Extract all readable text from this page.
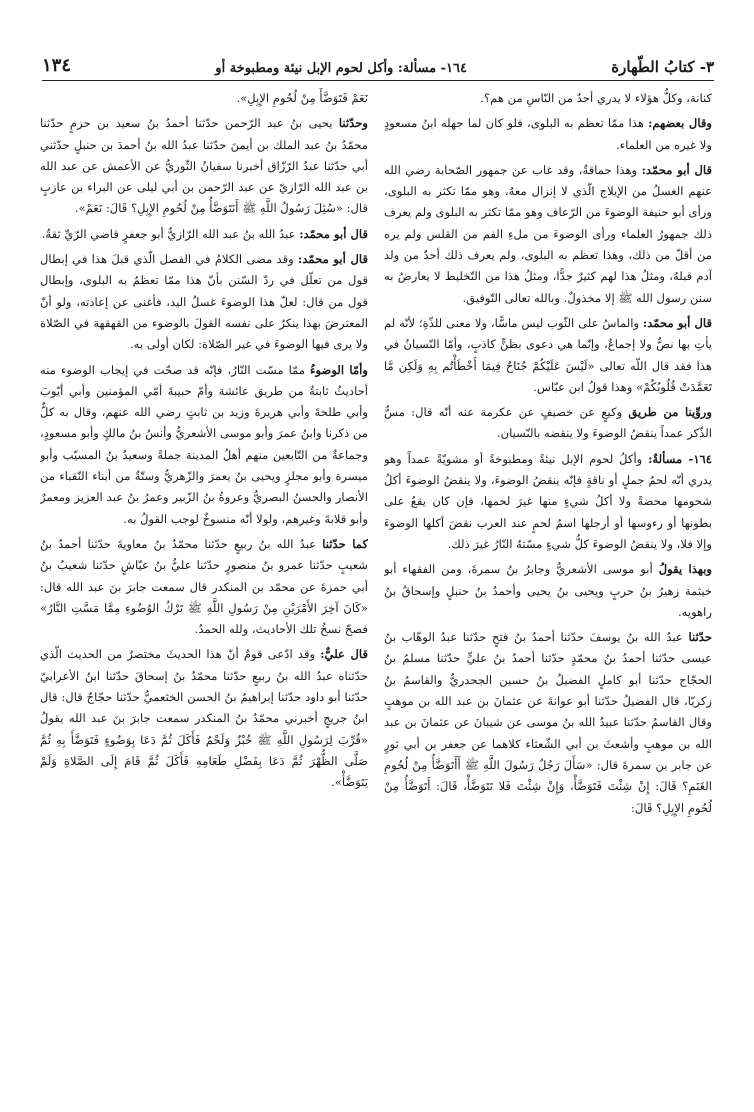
٣- كتابُ الطّهارة
١٦٤- مسألة: وأكل لحوم الإبل نيئة ومطبوخة أو
١٣٤

كنانة، وكلُّ هؤلاء لا يدري أحدٌ من النّاسِ من هم؟.

وقال بعضهم: هذا ممّا تعظم به البلوى، فلو كان لما جهله ابنُ مسعودٍ ولا غيره من العلماء.

قال أبو محمّد: وهذا حماقةٌ، وقد غاب عن جمهور الصّحابة رضي الله عنهم الغسلُ من الإيلاج الّذي لا إنزال معهُ، وهو ممّا تكثر به البلوى، ورأى أبو حنيفة الوضوءَ من الرّعاف وهو ممّا تكثر به البلوى ولم يعرف ذلك جمهورُ العلماء ورأى الوضوءَ من ملءِ الفم من القلس ولم يره من أقلّ من ذلك، وهذا تعظم به البلوى، ولم يعرف ذلك أحدٌ من ولد آدم قبلهُ، ومثلُ هذا لهم كثيرٌ جدًّا، ومثلُ هذا من التّخليط لا يعارضُ به سنن رسول الله ﷺ إلا مخذولٌ. وبالله تعالى التّوفيق.

قال أبو محمّد: والماسُ على الثّوب ليس ماسًّا، ولا معنى للذّةِ؛ لأنّه لم يأتِ بها نصٌّ ولا إجماعٌ، وإنّما هي دعوى بظنٍّ كاذبٍ، وأمّا النّسيانُ في هذا فقد قال اللّه تعالى «لَيْسَ عَلَيْكُمْ جُنَاحٌ فِيمَا أَخْطَأْتُم بِهِ وَلَكِن مَّا تَعَمَّدَتْ قُلُوبُكُمْ» وهذا قولُ ابن عبّاس.

وروِّينا من طريق وكيعٍ عن خصيفٍ عن عكرمة عنه أنّه قال: مسُّ الذّكر عمداً ينقضُ الوضوءَ ولا ينقضه بالنّسيان.

١٦٤- مسألةٌ: وأكلُ لحوم الإبل نيئةً ومطبوخةً أو مشويّةً عمداً وهو يدري أنّه لحمُ جملٍ أو ناقةٍ فإنّه ينقضُ الوضوءَ، ولا ينقضُ الوضوءَ أكلُ شحومها محضةً ولا أكلُ شيءٍ منها غيرَ لحمها، فإن كان يقعُ على بطونها أو رءوسها أو أرجلها اسمُ لحمٍ عند العرب نقضَ أكلها الوضوءَ وإلا فلا، ولا ينقضُ الوضوءَ كلُّ شيءٍ مسّتهُ النّارُ غيرَ ذلك.

وبهذا يقولُ أبو موسى الأشعريُّ وجابرُ بنُ سمرةَ، ومن الفقهاء أبو خيثمة زهيرُ بنُ حربٍ ويحيى بنُ يحيى وأحمدُ بنُ حنبلٍ وإسحاقُ بنُ راهويه.

حدّثنا عبدُ الله بنُ يوسفَ حدّثنا أحمدُ بنُ فتحٍ حدّثنا عبدُ الوهّاب بنُ عيسى حدّثنا أحمدُ بنُ محمّدٍ حدّثنا أحمدُ بنُ عليٍّ حدّثنا مسلمُ بنُ الحجّاج حدّثنا أبو كاملٍ الفضيلُ بنُ حسين الجحدريُّ والقاسمُ بنُ زكريّا، قال الفضيلُ حدّثنا أبو عوانةَ عن عثمانَ بن عبد الله بن موهبٍ وقال القاسمُ حدّثنا عبيدُ الله بنُ موسى عن شيبانَ عن عثمانَ بن عبد الله بن موهبٍ وأشعثَ بن أبي الشّعثاء كلاهما عن جعفر بن أبي ثورٍ عن جابر بن سمرةَ قال: «سَأَلَ رَجُلٌ رَسُولَ اللَّهِ ﷺ أَأَتَوَضَّأُ مِنْ لُحُومِ الغَنَمِ؟ قَالَ: إِنْ شِئْتَ فَتَوَضَّأْ، وَإِنْ شِئْتَ فَلا تَتَوَضَّأْ، قَالَ: أَتَوَضَّأُ مِنْ لُحُومِ الإِبِلِ؟ قَالَ:

نَعَمْ فَتَوَضَّأْ مِنْ لُحُومِ الإِبِلِ».

وحدّثنا يحيى بنُ عبد الرّحمن حدّثنا أحمدُ بنُ سعيد بن حزمٍ حدّثنا محمّدُ بنُ عبد الملك بن أيمنَ حدّثنا عبدُ الله بنُ أحمدَ بن حنبلٍ حدّثني أبي حدّثنا عبدُ الرّزّاق أخبرنا سفيانُ الثّوريُّ عن الأعمش عن عبد الله بن عبد الله الرّازيّ عن عبد الرّحمن بن أبي ليلى عن البراء بن عازبٍ قال: «سُئِلَ رَسُولُ اللَّهِ ﷺ أَنَتَوَضَّأُ مِنْ لُحُومِ الإِبِلِ؟ قَالَ: نَعَمْ».

قال أبو محمّد: عبدُ الله بنُ عبد الله الرّازيُّ أبو جعفرٍ قاضي الرّيِّ ثقةٌ.

قال أبو محمّد: وقد مضى الكلامُ في الفصل الّذي قبلَ هذا في إبطال قول من تعلّل في ردّ السّنن بأنّ هذا ممّا تعظمُ به البلوى، وإبطال قول من قال: لعلّ هذا الوضوءَ غسلُ اليد، فأغنى عن إعادته، ولو أنّ المعترضَ بهذا ينكرُ على نفسه القولَ بالوضوء من القهقهة في الصّلاة ولا يرى فيها الوضوءَ في غير الصّلاة: لكان أولى به.

وأمّا الوضوءُ ممّا مسّت النّارُ، فإنّه قد صحّت في إيجاب الوضوء منه أحاديثُ ثابتةٌ من طريق عائشة وأمّ حبيبةَ أمّي المؤمنين وأبي أيّوبَ وأبي طلحةَ وأبي هريرةَ وزيد بن ثابتٍ رضي الله عنهم، وقال به كلٌّ من ذكرنا وابنُ عمرَ وأبو موسى الأشعريُّ وأنسُ بنُ مالكٍ وأبو مسعودٍ، وجماعةٌ من التّابعين منهم أهلُ المدينة جملةً وسعيدُ بنُ المسيّب وأبو ميسرة وأبو مجلزٍ ويحيى بنُ يعمرَ والزّهريُّ وستّةٌ من أبناء النّقباء من الأنصار والحسنُ البصريُّ وعروةُ بنُ الزّبير وعمرُ بنُ عبد العزيز ومعمرٌ وأبو قلابةَ وغيرهم، ولولا أنّه منسوخٌ لوجب القولُ به.

كما حدّثنا عبدُ الله بنُ ربيعٍ حدّثنا محمّدُ بنُ معاويةَ حدّثنا أحمدُ بنُ شعيبٍ حدّثنا عمرو بنُ منصورٍ حدّثنا عليُّ بنُ عيّاشٍ حدّثنا شعيبُ بنُ أبي حمزةَ عن محمّد بن المنكدر قال سمعت جابرَ بنَ عبد الله قال: «كَانَ آخِرَ الأَمْرَيْنِ مِنْ رَسُولِ اللَّهِ ﷺ تَرْكُ الوُضُوءِ مِمَّا مَسَّتِ النَّارُ» فصحّ نسخُ تلك الأحاديث، ولله الحمدُ.

قال عليٌّ: وقد ادّعى قومٌ أنّ هذا الحديثَ مختصرٌ من الحديث الّذي حدّثناه عبدُ الله بنُ ربيعٍ حدّثنا محمّدُ بنُ إسحاقَ حدّثنا ابنُ الأعرابيّ حدّثنا أبو داود حدّثنا إبراهيمُ بنُ الحسن الخثعميُّ حدّثنا حجّاجٌ قال: قال ابنُ جريجٍ أخبرني محمّدُ بنُ المنكدر سمعت جابرَ بنَ عبد الله يقولُ «قُرِّبَ لِرَسُولِ اللَّهِ ﷺ خُبْزٌ وَلَحْمٌ فَأَكَلَ ثُمَّ دَعَا بِوَضُوءٍ فَتَوَضَّأَ بِهِ ثُمَّ صَلَّى الظُّهْرَ ثُمَّ دَعَا بِفَضْلِ طَعَامِهِ فَأَكَلَ ثُمَّ قَامَ إِلَى الصَّلاةِ وَلَمْ يَتَوَضَّأْ».
